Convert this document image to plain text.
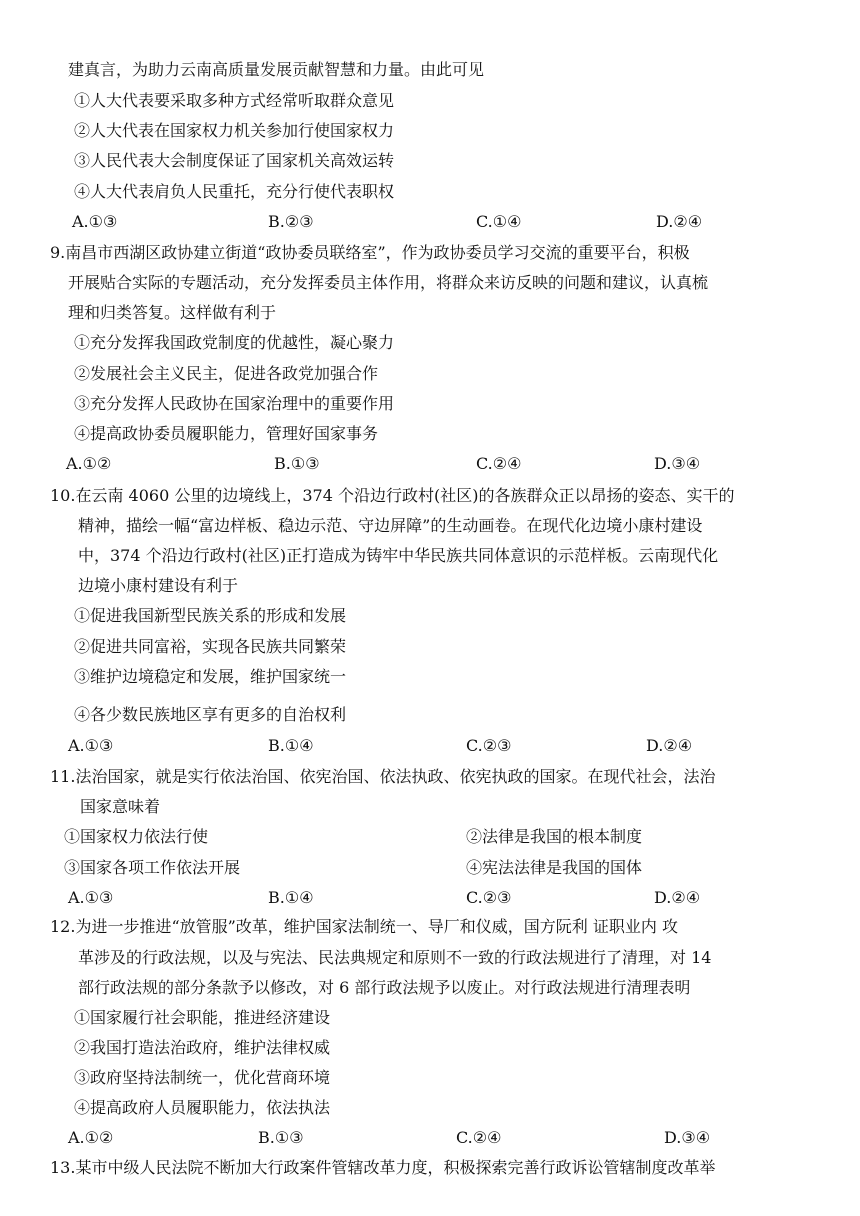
建真言，为助力云南高质量发展贡献智慧和力量。由此可见
①人大代表要采取多种方式经常听取群众意见
②人大代表在国家权力机关参加行使国家权力
③人民代表大会制度保证了国家机关高效运转
④人大代表肩负人民重托，充分行使代表职权
A.①③	B.②③	C.①④	D.②④
9.南昌市西湖区政协建立街道“政协委员联络室”，作为政协委员学习交流的重要平台，积极
开展贴合实际的专题活动，充分发挥委员主体作用，将群众来访反映的问题和建议，认真梳
理和归类答复。这样做有利于
①充分发挥我国政党制度的优越性，凝心聚力
②发展社会主义民主，促进各政党加强合作
③充分发挥人民政协在国家治理中的重要作用
④提高政协委员履职能力，管理好国家事务
A.①②	B.①③	C.②④	D.③④
10.在云南 4060 公里的边境线上，374 个沿边行政村(社区)的各族群众正以昂扬的姿态、实干的
精神，描绘一幅“富边样板、稳边示范、守边屏障”的生动画卷。在现代化边境小康村建设
中，374 个沿边行政村(社区)正打造成为铸牢中华民族共同体意识的示范样板。云南现代化
边境小康村建设有利于
①促进我国新型民族关系的形成和发展
②促进共同富裕，实现各民族共同繁荣
③维护边境稳定和发展，维护国家统一
④各少数民族地区享有更多的自治权利
A.①③	B.①④	C.②③	D.②④
11.法治国家，就是实行依法治国、依宪治国、依法执政、依宪执政的国家。在现代社会，法治
国家意味着
①国家权力依法行使	②法律是我国的根本制度
③国家各项工作依法开展	④宪法法律是我国的国体
A.①③	B.①④	C.②③	D.②④
12.为进一步推进“放管服”改革，维护国家法制统一、导厂和仪威，国方阮利 证职业内 攻
革涉及的行政法规，以及与宪法、民法典规定和原则不一致的行政法规进行了清理，对 14
部行政法规的部分条款予以修改，对 6 部行政法规予以废止。对行政法规进行清理表明
①国家履行社会职能，推进经济建设
②我国打造法治政府，维护法律权威
③政府坚持法制统一，优化营商环境
④提高政府人员履职能力，依法执法
A.①②	B.①③	C.②④	D.③④
13.某市中级人民法院不断加大行政案件管辖改革力度，积极探索完善行政诉讼管辖制度改革举
